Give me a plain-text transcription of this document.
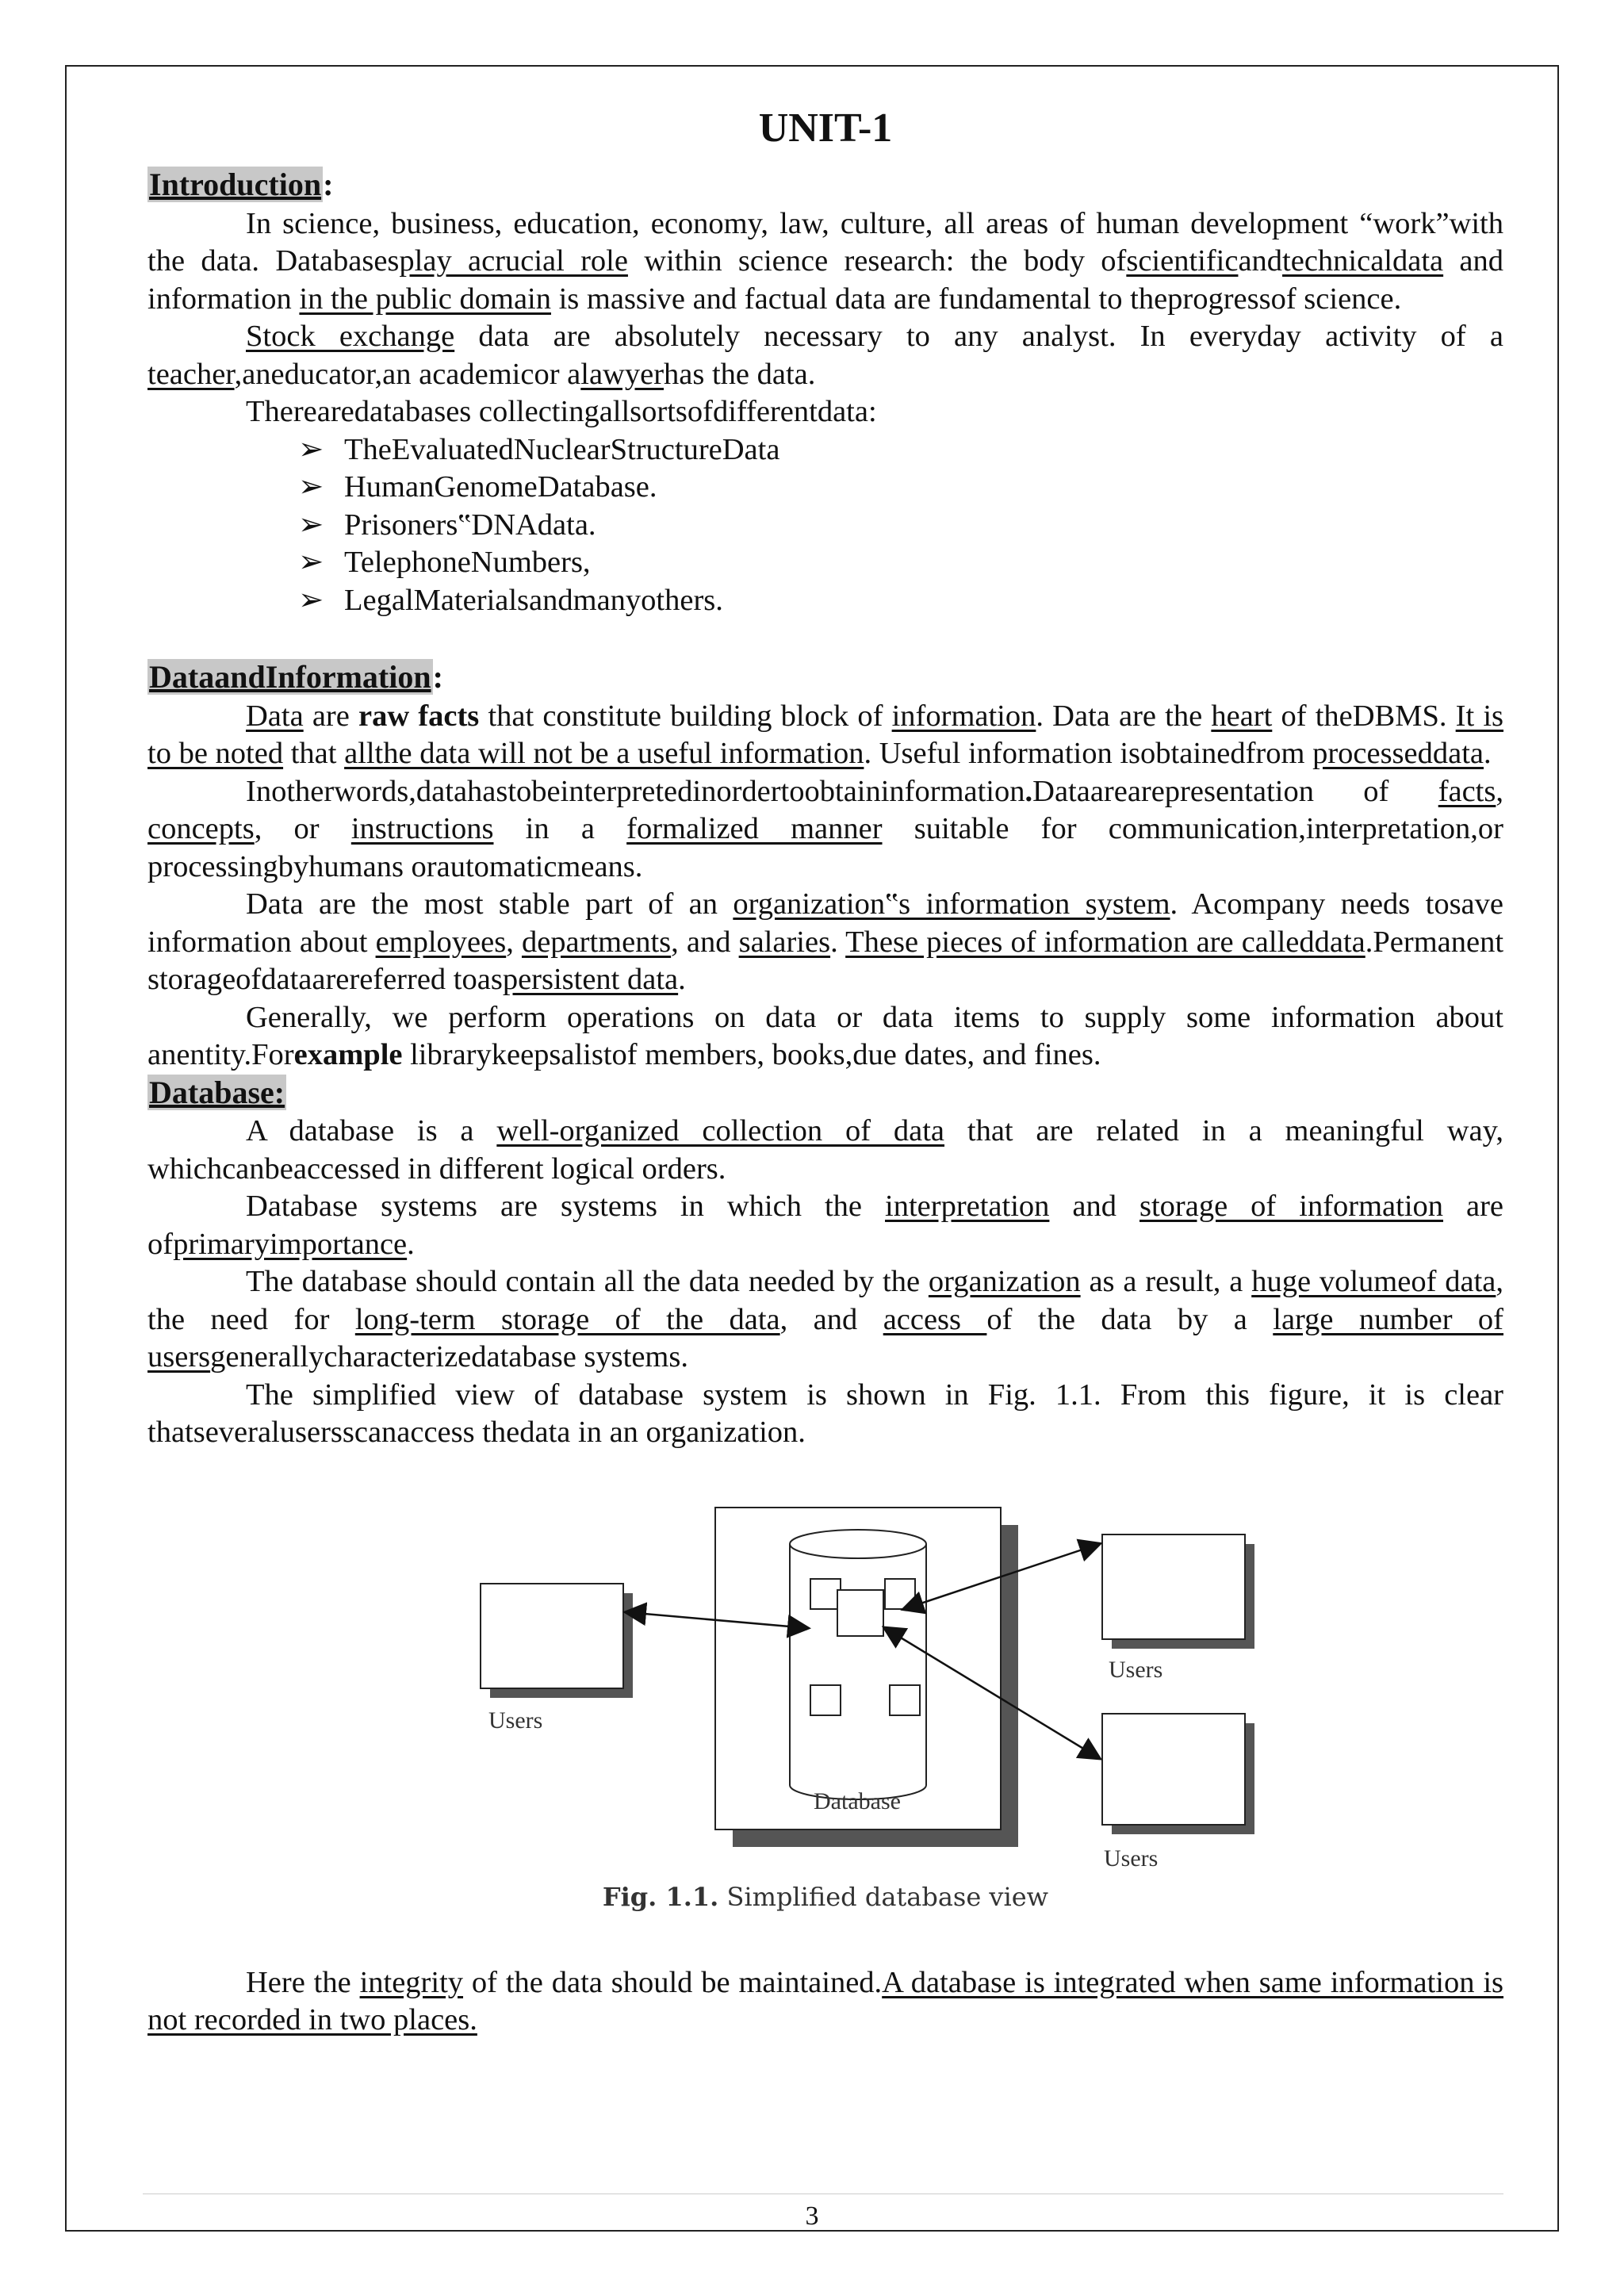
UNIT-1
Introduction:

In science, business, education, economy, law, culture, all areas of human development “work”with the data. Databasesplay acrucial role within science research: the body ofscientificandtechnicaldata and information in the public domain is massive and factual data are fundamental to theprogressof science.

Stock exchange data are absolutely necessary to any analyst. In everyday activity of a teacher,aneducator,an academicor alawyerhas the data.

Therearedatabases collectingallsortsofdifferentdata:

➢ TheEvaluatedNuclearStructureData
➢ HumanGenomeDatabase.
➢ Prisoners‟DNAdata.
➢ TelephoneNumbers,
➢ LegalMaterialsandmanyothers.
DataandInformation:

Data are raw facts that constitute building block of information. Data are the heart of theDBMS. It is to be noted that allthe data will not be a useful information. Useful information isobtainedfrom processeddata.

Inotherwords,datahastobeinterpretedinordertoobtaininformation.Dataarearepresentation of facts, concepts, or instructions in a formalized manner suitable for communication,interpretation,or processingbyhumans orautomaticmeans.

Data are the most stable part of an organization‟s information system. Acompany needs tosave information about employees, departments, and salaries. These pieces of information are calleddata.Permanent storageofdataarereferred toaspersistent data.

Generally, we perform operations on data or data items to supply some information about anentity.Forexample librarykeepsalistof members, books,due dates, and fines.

Database:

A database is a well-organized collection of data that are related in a meaningful way, whichcanbeaccessed in different logical orders.

Database systems are systems in which the interpretation and storage of information are ofprimaryimportance.

The database should contain all the data needed by the organization as a result, a huge volumeof data, the need for long-term storage of the data, and access of the data by a large number of usersgenerallycharacterizedatabase systems.

The simplified view of database system is shown in Fig. 1.1. From this figure, it is clear thatseveralusersscanaccess thedata in an organization.

Users
Database
Users
Users
Fig. 1.1. Simplified database view

Here the integrity of the data should be maintained.A database is integrated when same information is not recorded in two places.

3
